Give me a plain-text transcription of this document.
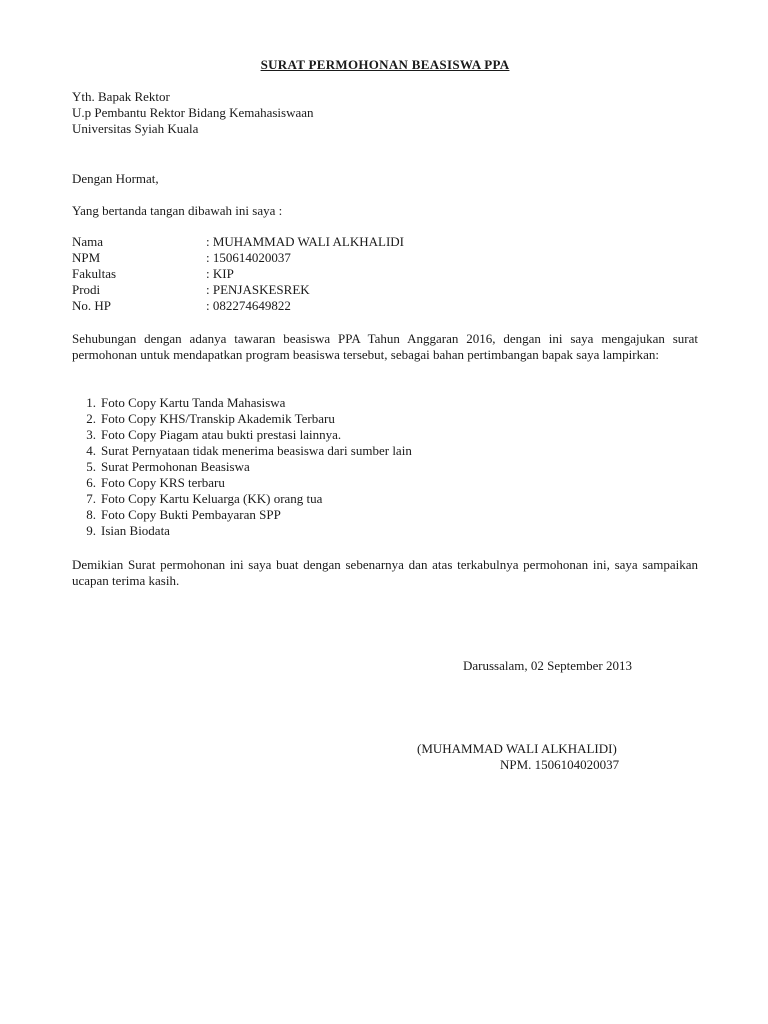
SURAT PERMOHONAN BEASISWA PPA
Yth. Bapak Rektor
U.p Pembantu Rektor Bidang Kemahasiswaan
Universitas Syiah Kuala
Dengan Hormat,
Yang bertanda tangan dibawah ini saya :
Nama	: MUHAMMAD WALI ALKHALIDI
NPM	: 150614020037
Fakultas	: KIP
Prodi	: PENJASKESREK
No. HP	: 082274649822
Sehubungan dengan adanya tawaran beasiswa PPA Tahun Anggaran 2016, dengan ini saya mengajukan surat permohonan untuk mendapatkan program beasiswa tersebut, sebagai bahan pertimbangan bapak saya lampirkan:
1. Foto Copy Kartu Tanda Mahasiswa
2. Foto Copy KHS/Transkip Akademik Terbaru
3. Foto Copy Piagam atau bukti prestasi lainnya.
4. Surat Pernyataan tidak menerima beasiswa dari sumber lain
5. Surat Permohonan Beasiswa
6. Foto Copy KRS terbaru
7. Foto Copy Kartu Keluarga (KK) orang tua
8. Foto Copy Bukti Pembayaran SPP
9. Isian Biodata
Demikian Surat permohonan ini saya buat dengan sebenarnya dan atas terkabulnya permohonan ini, saya sampaikan ucapan terima kasih.
Darussalam, 02 September 2013
(MUHAMMAD WALI ALKHALIDI)
NPM. 1506104020037
